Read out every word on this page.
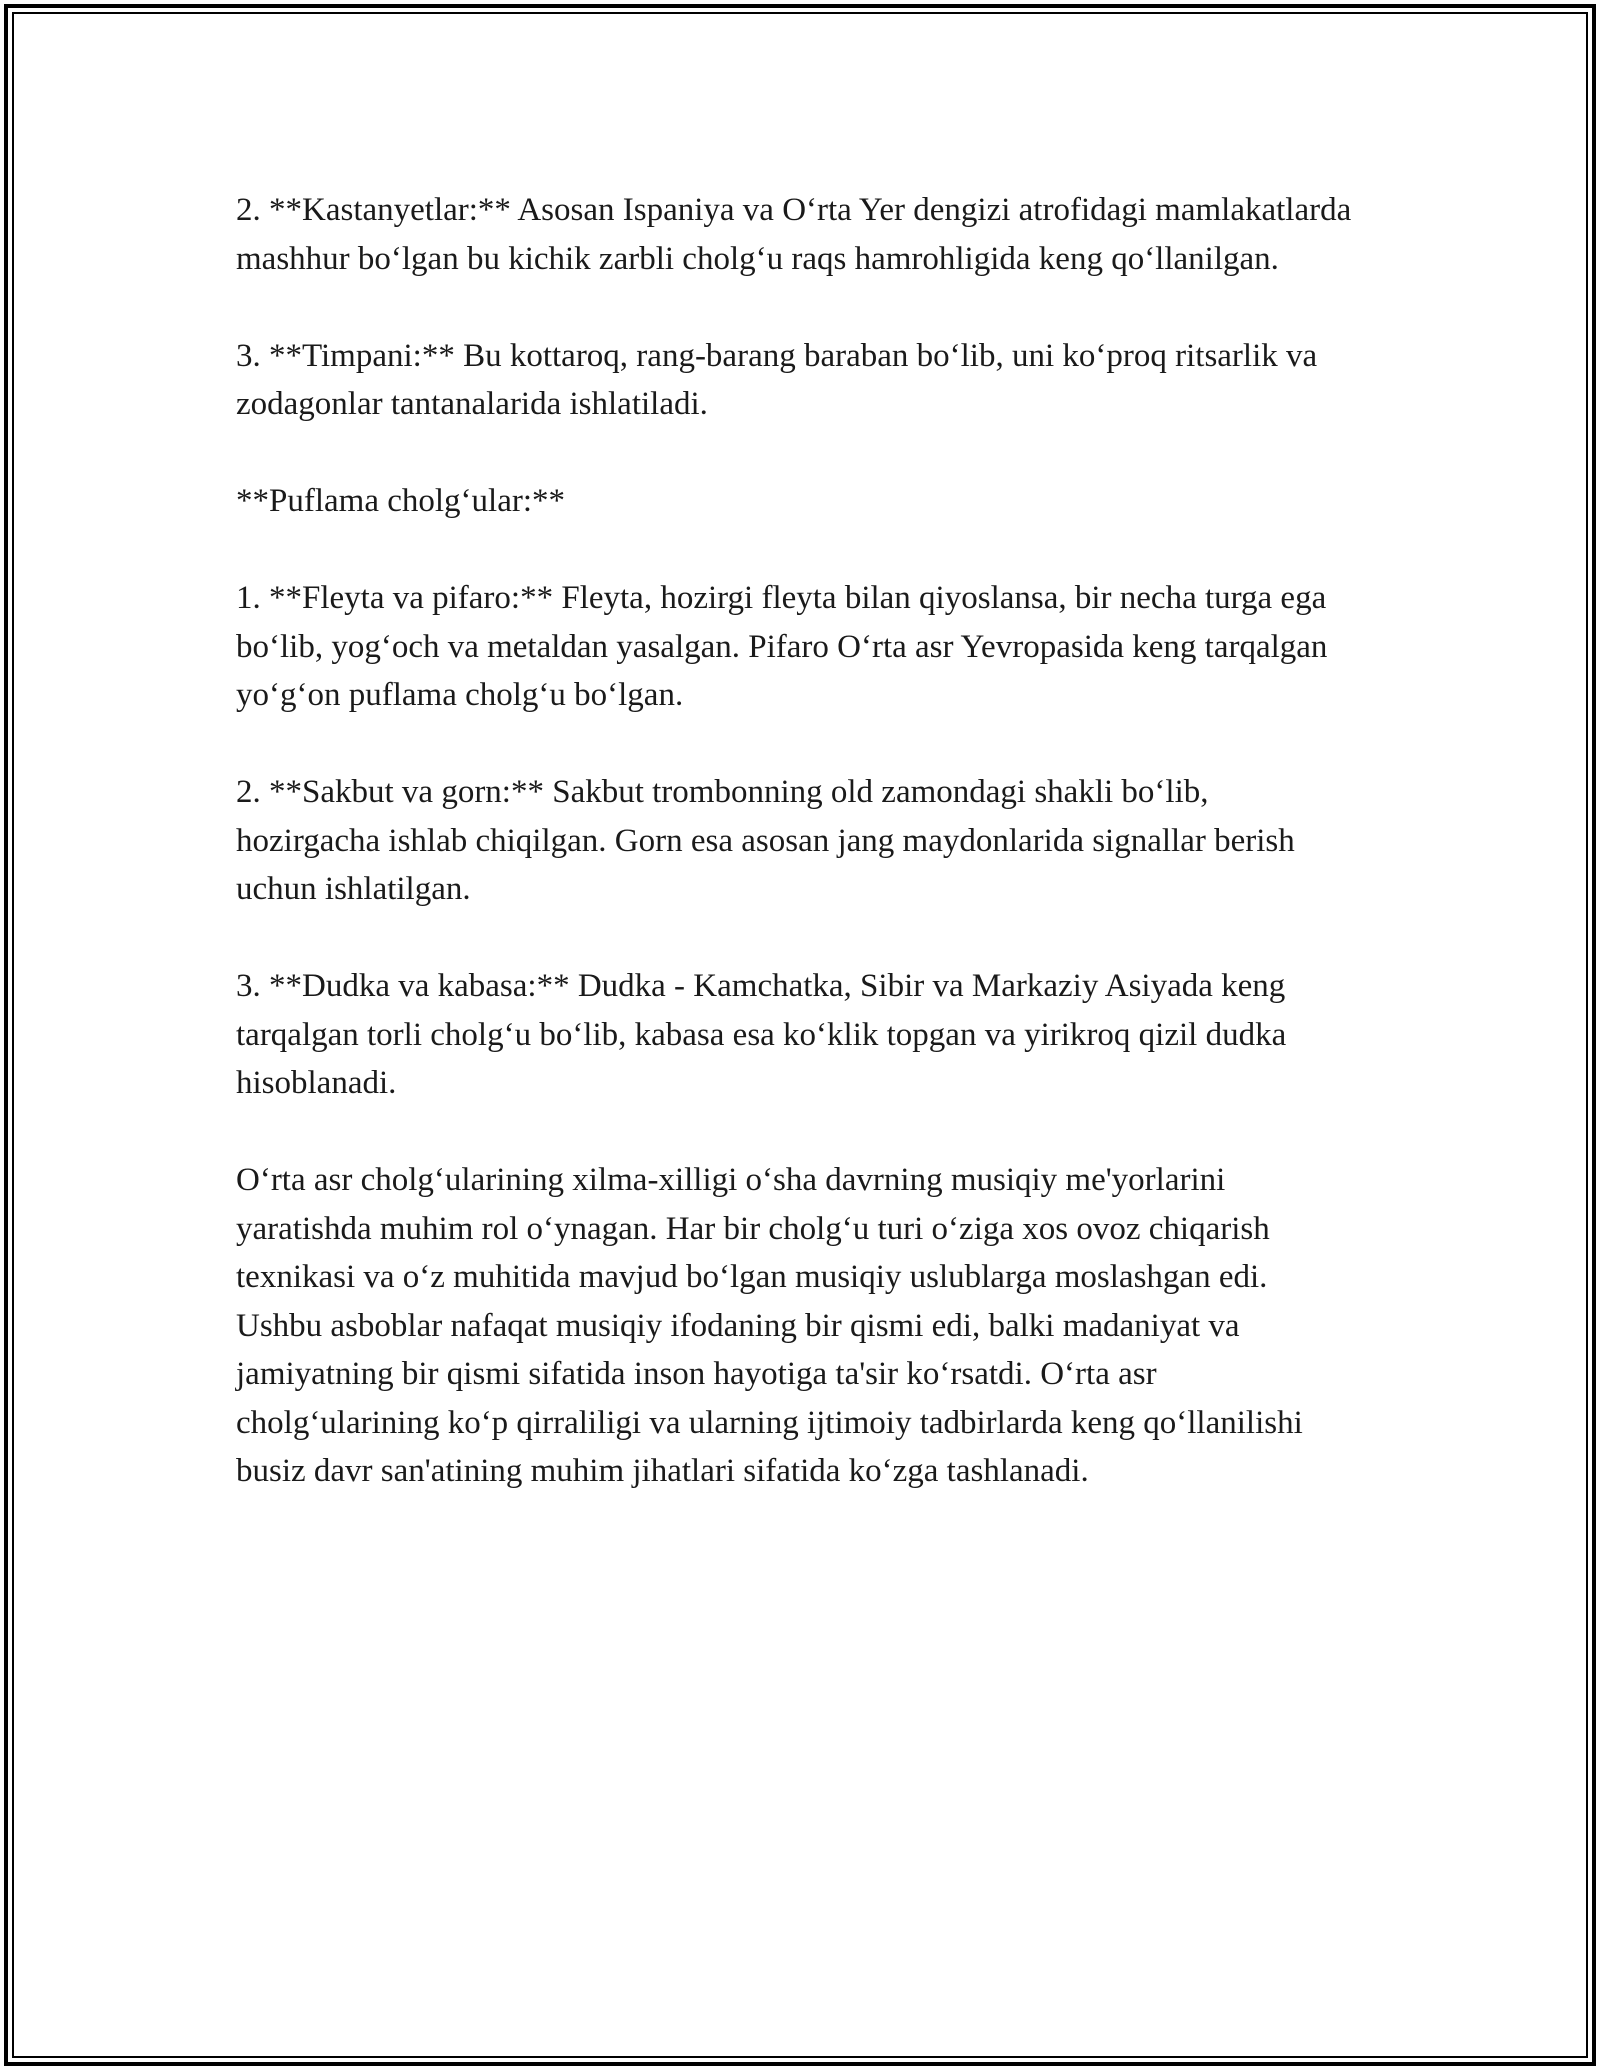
2. **Kastanyetlar:** Asosan Ispaniya va Oʻrta Yer dengizi atrofidagi mamlakatlarda mashhur boʻlgan bu kichik zarbli cholgʻu raqs hamrohligida keng qoʻllanilgan.

3. **Timpani:** Bu kottaroq, rang-barang baraban boʻlib, uni koʻproq ritsarlik va zodagonlar tantanalarida ishlatiladi.

**Puflama cholgʻular:**

1. **Fleyta va pifaro:** Fleyta, hozirgi fleyta bilan qiyoslansa, bir necha turga ega boʻlib, yogʻoch va metaldan yasalgan. Pifaro Oʻrta asr Yevropasida keng tarqalgan yoʻgʻon puflama cholgʻu boʻlgan.

2. **Sakbut va gorn:** Sakbut trombonning old zamondagi shakli boʻlib, hozirgacha ishlab chiqilgan. Gorn esa asosan jang maydonlarida signallar berish uchun ishlatilgan.

3. **Dudka va kabasa:** Dudka - Kamchatka, Sibir va Markaziy Asiyada keng tarqalgan torli cholgʻu boʻlib, kabasa esa koʻklik topgan va yirikroq qizil dudka hisoblanadi.

Oʻrta asr cholgʻularining xilma-xilligi oʻsha davrning musiqiy me'yorlarini yaratishda muhim rol oʻynagan. Har bir cholgʻu turi oʻziga xos ovoz chiqarish texnikasi va oʻz muhitida mavjud boʻlgan musiqiy uslublarga moslashgan edi. Ushbu asboblar nafaqat musiqiy ifodaning bir qismi edi, balki madaniyat va jamiyatning bir qismi sifatida inson hayotiga ta'sir koʻrsatdi. Oʻrta asr cholgʻularining koʻp qirraliligi va ularning ijtimoiy tadbirlarda keng qoʻllanilishi busiz davr san'atining muhim jihatlari sifatida koʻzga tashlanadi.
